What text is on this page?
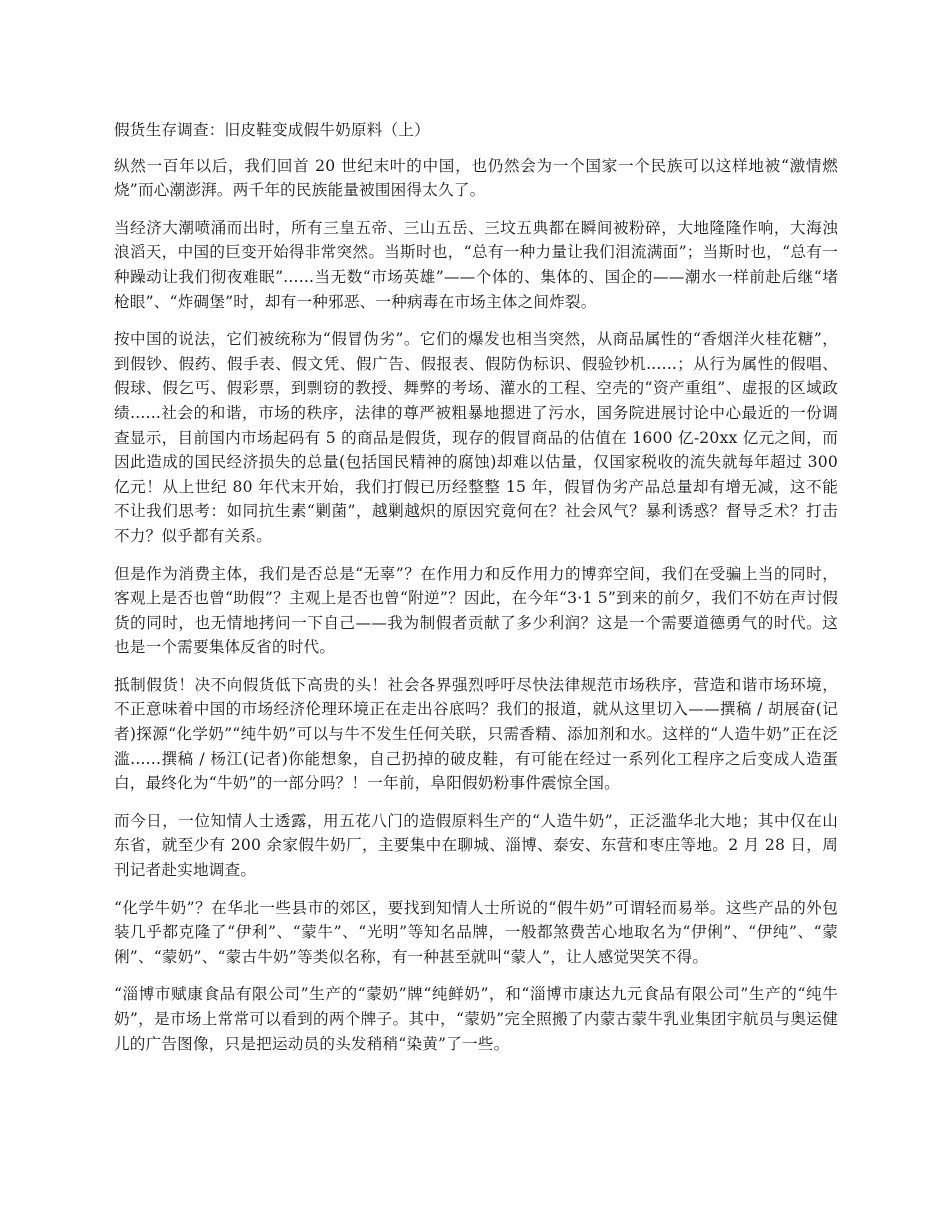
假货生存调查：旧皮鞋变成假牛奶原料（上）

纵然一百年以后，我们回首 20 世纪末叶的中国，也仍然会为一个国家一个民族可以这样地被“激情燃烧”而心潮澎湃。两千年的民族能量被围困得太久了。

当经济大潮喷涌而出时，所有三皇五帝、三山五岳、三坟五典都在瞬间被粉碎，大地隆隆作响，大海浊浪滔天，中国的巨变开始得非常突然。当斯时也，“总有一种力量让我们泪流满面”；当斯时也，“总有一种躁动让我们彻夜难眠”......当无数“市场英雄”——个体的、集体的、国企的——潮水一样前赴后继“堵枪眼”、“炸碉堡”时，却有一种邪恶、一种病毒在市场主体之间炸裂。

按中国的说法，它们被统称为“假冒伪劣”。它们的爆发也相当突然，从商品属性的“香烟洋火桂花糖”，到假钞、假药、假手表、假文凭、假广告、假报表、假防伪标识、假验钞机......；从行为属性的假唱、假球、假乞丐、假彩票，到剽窃的教授、舞弊的考场、灌水的工程、空壳的“资产重组”、虚报的区域政绩......社会的和谐，市场的秩序，法律的尊严被粗暴地摁进了污水，国务院进展讨论中心最近的一份调查显示，目前国内市场起码有 5 的商品是假货，现存的假冒商品的估值在 1600 亿-20xx 亿元之间，而因此造成的国民经济损失的总量(包括国民精神的腐蚀)却难以估量，仅国家税收的流失就每年超过 300 亿元！从上世纪 80 年代末开始，我们打假已历经整整 15 年，假冒伪劣产品总量却有增无减，这不能不让我们思考：如同抗生素“剿菌”，越剿越炽的原因究竟何在？社会风气？暴利诱惑？督导乏术？打击不力？似乎都有关系。

但是作为消费主体，我们是否总是“无辜”？在作用力和反作用力的博弈空间，我们在受骗上当的同时，客观上是否也曾“助假”？主观上是否也曾“附逆”？因此，在今年“3·1 5”到来的前夕，我们不妨在声讨假货的同时，也无情地拷问一下自己——我为制假者贡献了多少利润？这是一个需要道德勇气的时代。这也是一个需要集体反省的时代。

抵制假货！决不向假货低下高贵的头！社会各界强烈呼吁尽快法律规范市场秩序，营造和谐市场环境，不正意味着中国的市场经济伦理环境正在走出谷底吗？我们的报道，就从这里切入——撰稿 / 胡展奋(记者)探源“化学奶”“纯牛奶”可以与牛不发生任何关联，只需香精、添加剂和水。这样的“人造牛奶”正在泛滥......撰稿 / 杨江(记者)你能想象，自己扔掉的破皮鞋，有可能在经过一系列化工程序之后变成人造蛋白，最终化为“牛奶”的一部分吗？！一年前，阜阳假奶粉事件震惊全国。

而今日，一位知情人士透露，用五花八门的造假原料生产的“人造牛奶”，正泛滥华北大地；其中仅在山东省，就至少有 200 余家假牛奶厂，主要集中在聊城、淄博、泰安、东营和枣庄等地。2 月 28 日，周刊记者赴实地调查。

“化学牛奶”？在华北一些县市的郊区，要找到知情人士所说的“假牛奶”可谓轻而易举。这些产品的外包装几乎都克隆了“伊利”、“蒙牛”、“光明”等知名品牌，一般都煞费苦心地取名为“伊俐”、“伊纯”、“蒙俐”、“蒙奶”、“蒙古牛奶”等类似名称，有一种甚至就叫“蒙人”，让人感觉哭笑不得。

“淄博市赋康食品有限公司”生产的“蒙奶”牌“纯鲜奶”，和“淄博市康达九元食品有限公司”生产的“纯牛奶”，是市场上常常可以看到的两个牌子。其中，“蒙奶”完全照搬了内蒙古蒙牛乳业集团宇航员与奥运健儿的广告图像，只是把运动员的头发稍稍“染黄”了一些。
